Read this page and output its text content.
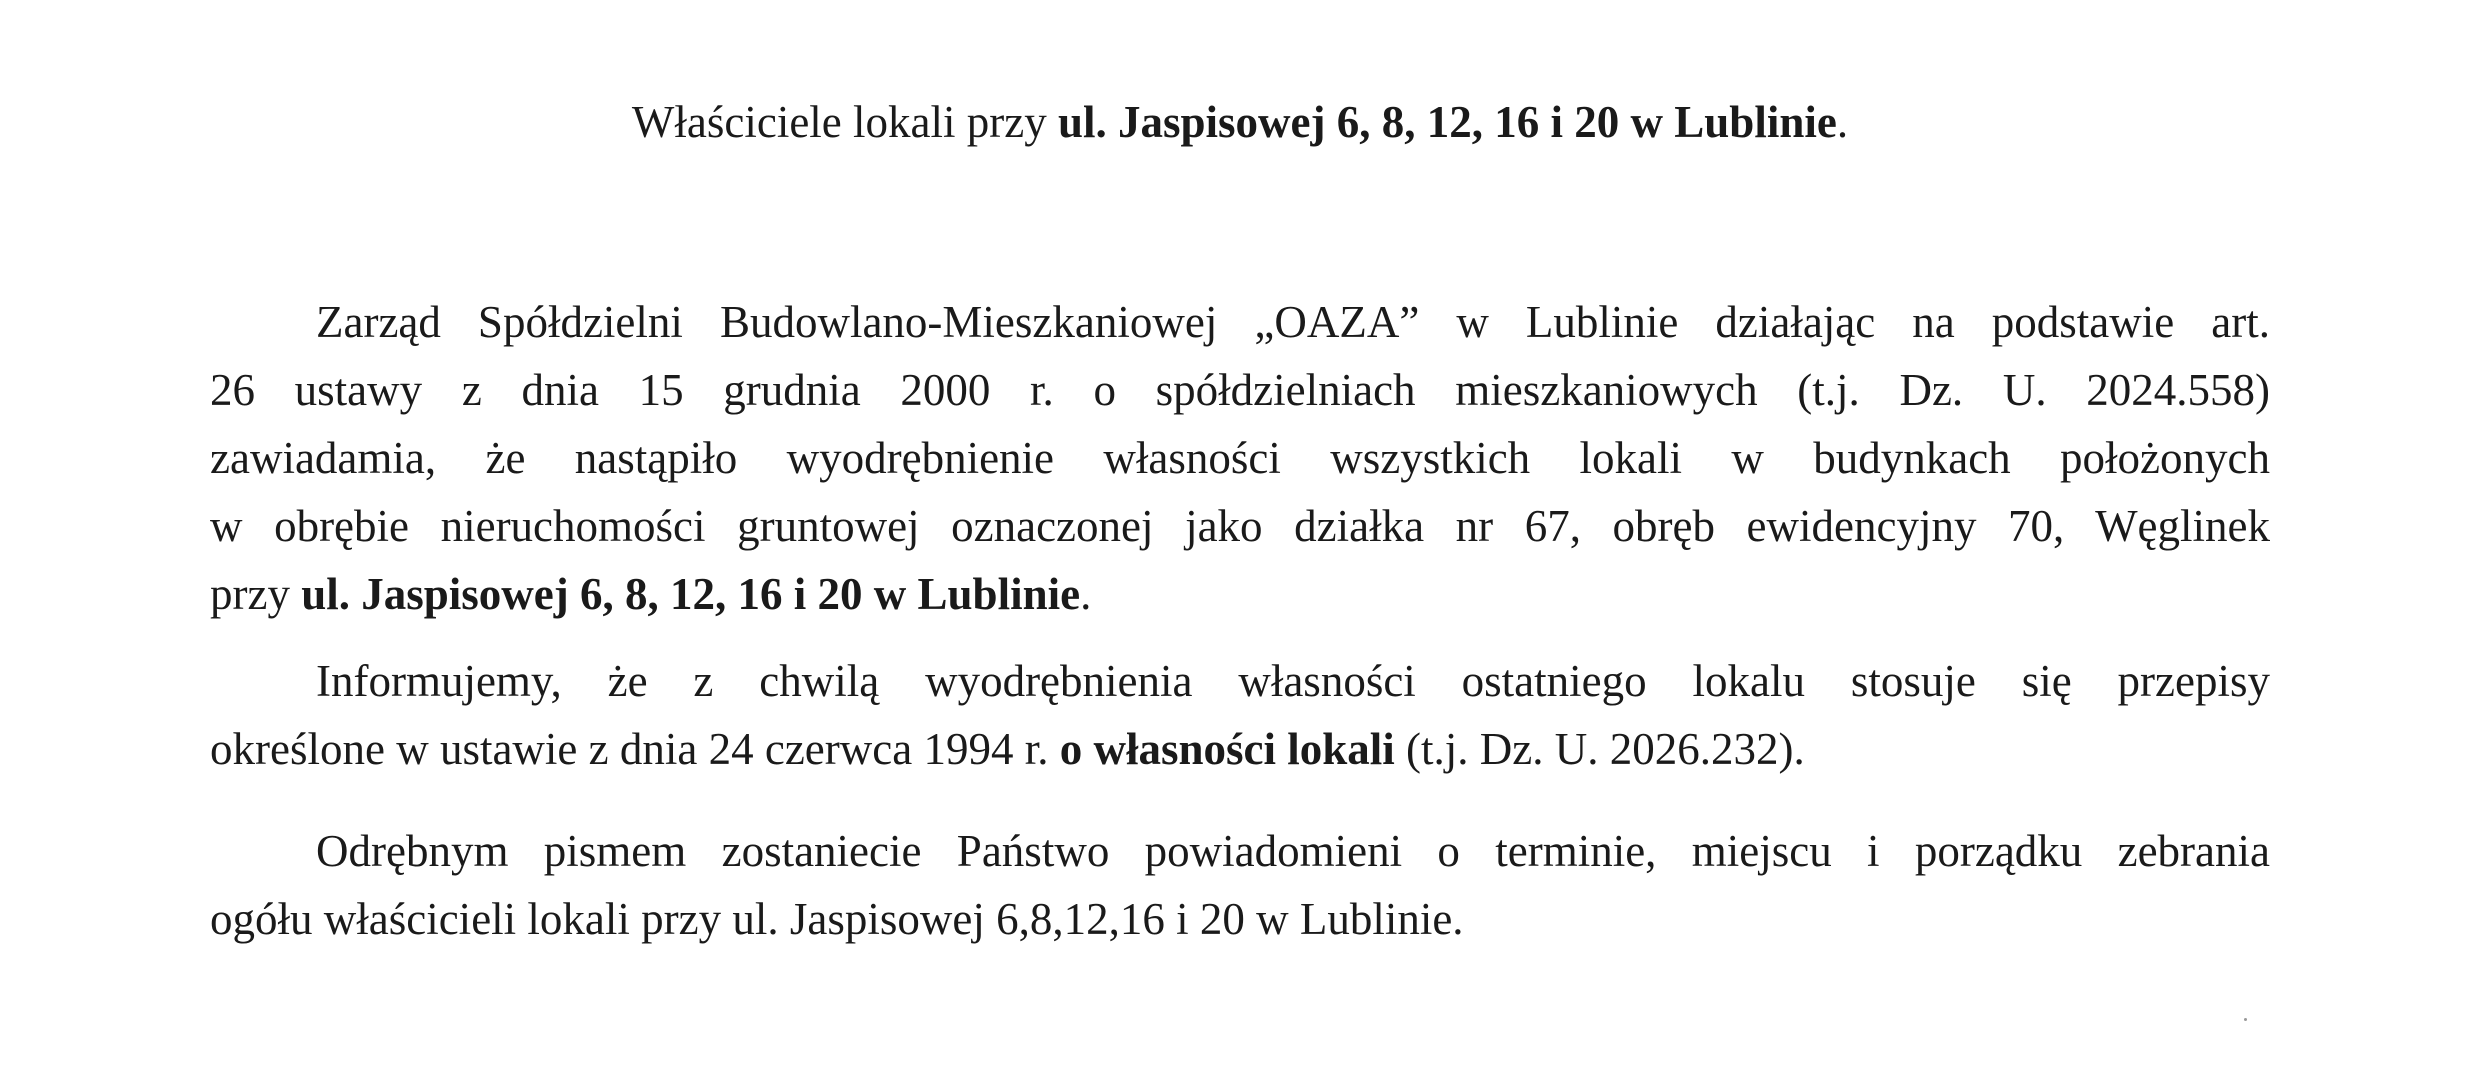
Właściciele lokali przy ul. Jaspisowej 6, 8, 12, 16 i 20 w Lublinie.
Zarząd Spółdzielni Budowlano-Mieszkaniowej „OAZA” w Lublinie działając na podstawie art.
26 ustawy z dnia 15 grudnia 2000 r. o spółdzielniach mieszkaniowych (t.j. Dz. U. 2024.558)
zawiadamia, że nastąpiło wyodrębnienie własności wszystkich lokali w budynkach położonych
w obrębie nieruchomości gruntowej oznaczonej jako działka nr 67, obręb ewidencyjny 70, Węglinek
przy ul. Jaspisowej 6, 8, 12, 16 i 20 w Lublinie.
Informujemy, że z chwilą wyodrębnienia własności ostatniego lokalu stosuje się przepisy
określone w ustawie z dnia 24 czerwca 1994 r. o własności lokali (t.j. Dz. U. 2026.232).
Odrębnym pismem zostaniecie Państwo powiadomieni o terminie, miejscu i porządku zebrania
ogółu właścicieli lokali przy ul. Jaspisowej 6,8,12,16 i 20 w Lublinie.
